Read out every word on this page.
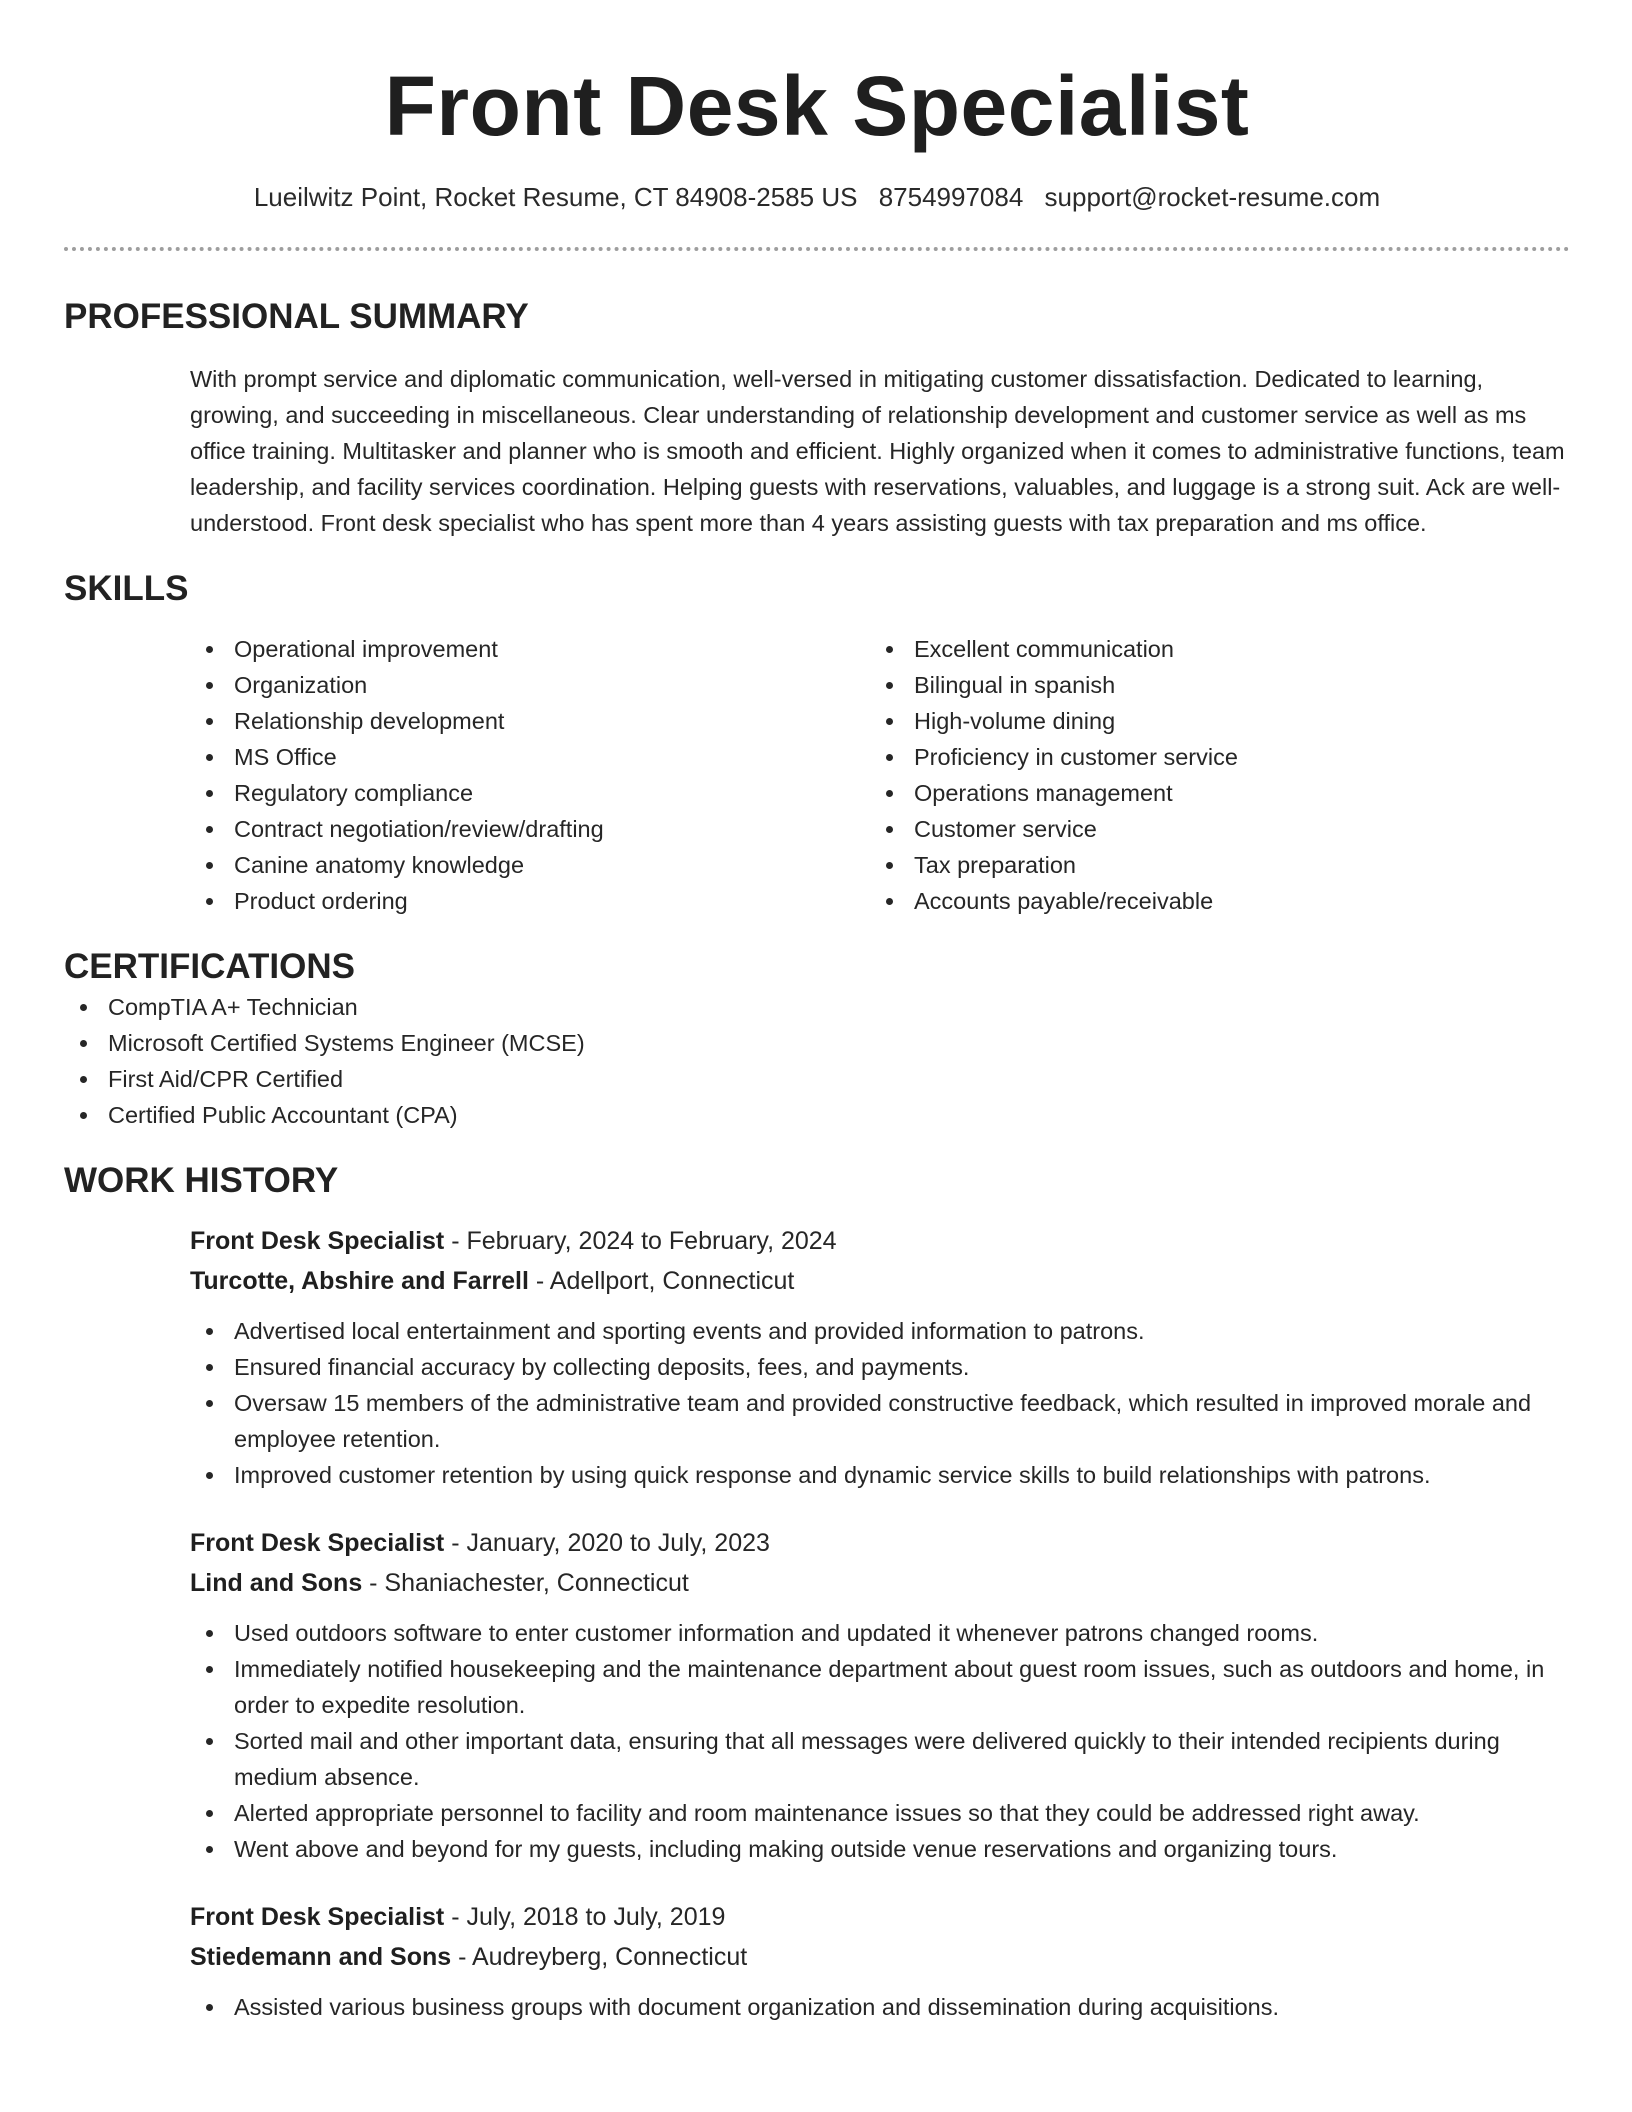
Front Desk Specialist
Lueilwitz Point, Rocket Resume, CT 84908-2585 US 8754997084 support@rocket-resume.com
PROFESSIONAL SUMMARY
With prompt service and diplomatic communication, well-versed in mitigating customer dissatisfaction. Dedicated to learning, growing, and succeeding in miscellaneous. Clear understanding of relationship development and customer service as well as ms office training. Multitasker and planner who is smooth and efficient. Highly organized when it comes to administrative functions, team leadership, and facility services coordination. Helping guests with reservations, valuables, and luggage is a strong suit. Ack are well-understood. Front desk specialist who has spent more than 4 years assisting guests with tax preparation and ms office.
SKILLS
Operational improvement
Organization
Relationship development
MS Office
Regulatory compliance
Contract negotiation/review/drafting
Canine anatomy knowledge
Product ordering
Excellent communication
Bilingual in spanish
High-volume dining
Proficiency in customer service
Operations management
Customer service
Tax preparation
Accounts payable/receivable
CERTIFICATIONS
CompTIA A+ Technician
Microsoft Certified Systems Engineer (MCSE)
First Aid/CPR Certified
Certified Public Accountant (CPA)
WORK HISTORY
Front Desk Specialist - February, 2024 to February, 2024
Turcotte, Abshire and Farrell - Adellport, Connecticut
Advertised local entertainment and sporting events and provided information to patrons.
Ensured financial accuracy by collecting deposits, fees, and payments.
Oversaw 15 members of the administrative team and provided constructive feedback, which resulted in improved morale and employee retention.
Improved customer retention by using quick response and dynamic service skills to build relationships with patrons.
Front Desk Specialist - January, 2020 to July, 2023
Lind and Sons - Shaniachester, Connecticut
Used outdoors software to enter customer information and updated it whenever patrons changed rooms.
Immediately notified housekeeping and the maintenance department about guest room issues, such as outdoors and home, in order to expedite resolution.
Sorted mail and other important data, ensuring that all messages were delivered quickly to their intended recipients during medium absence.
Alerted appropriate personnel to facility and room maintenance issues so that they could be addressed right away.
Went above and beyond for my guests, including making outside venue reservations and organizing tours.
Front Desk Specialist - July, 2018 to July, 2019
Stiedemann and Sons - Audreyberg, Connecticut
Assisted various business groups with document organization and dissemination during acquisitions.
